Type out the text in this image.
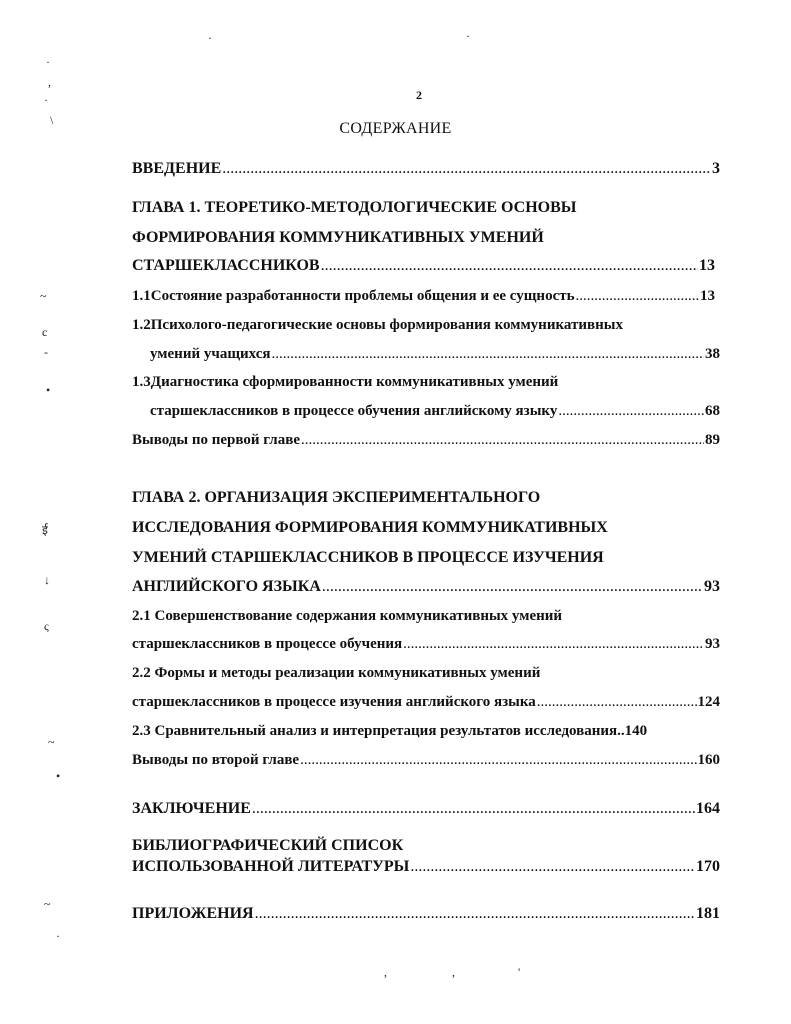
2
СОДЕРЖАНИЕ
ВВЕДЕНИЕ .....	3
ГЛАВА 1. ТЕОРЕТИКО-МЕТОДОЛОГИЧЕСКИЕ ОСНОВЫ
ФОРМИРОВАНИЯ КОММУНИКАТИВНЫХ УМЕНИЙ
СТАРШЕКЛАССНИКОВ .....	13
1.1Состояние разработанности проблемы общения и ее сущность .....	13
1.2Психолого-педагогические основы формирования коммуникативных
умений учащихся .....	38
1.3Диагностика сформированности коммуникативных умений
старшеклассников в процессе обучения английскому языку .....	68
Выводы по первой главе .....	89
ГЛАВА 2. ОРГАНИЗАЦИЯ ЭКСПЕРИМЕНТАЛЬНОГО
ИССЛЕДОВАНИЯ ФОРМИРОВАНИЯ КОММУНИКАТИВНЫХ
УМЕНИЙ СТАРШЕКЛАССНИКОВ В ПРОЦЕССЕ ИЗУЧЕНИЯ
АНГЛИЙСКОГО ЯЗЫКА .....	93
2.1 Совершенствование содержания коммуникативных умений
старшеклассников в процессе обучения .....	93
2.2 Формы и методы реализации коммуникативных умений
старшеклассников в процессе изучения английского языка .....	124
2.3 Сравнительный анализ и интерпретация результатов исследования.. 140
Выводы по второй главе .....	160
ЗАКЛЮЧЕНИЕ .....	164
БИБЛИОГРАФИЧЕСКИЙ СПИСОК
ИСПОЛЬЗОВАННОЙ ЛИТЕРАТУРЫ .....	170
ПРИЛОЖЕНИЯ .....	181
·
,
·
\
~
c
-
•
ई
↓
ς
~
•
~
·
·	·
,	,	'
